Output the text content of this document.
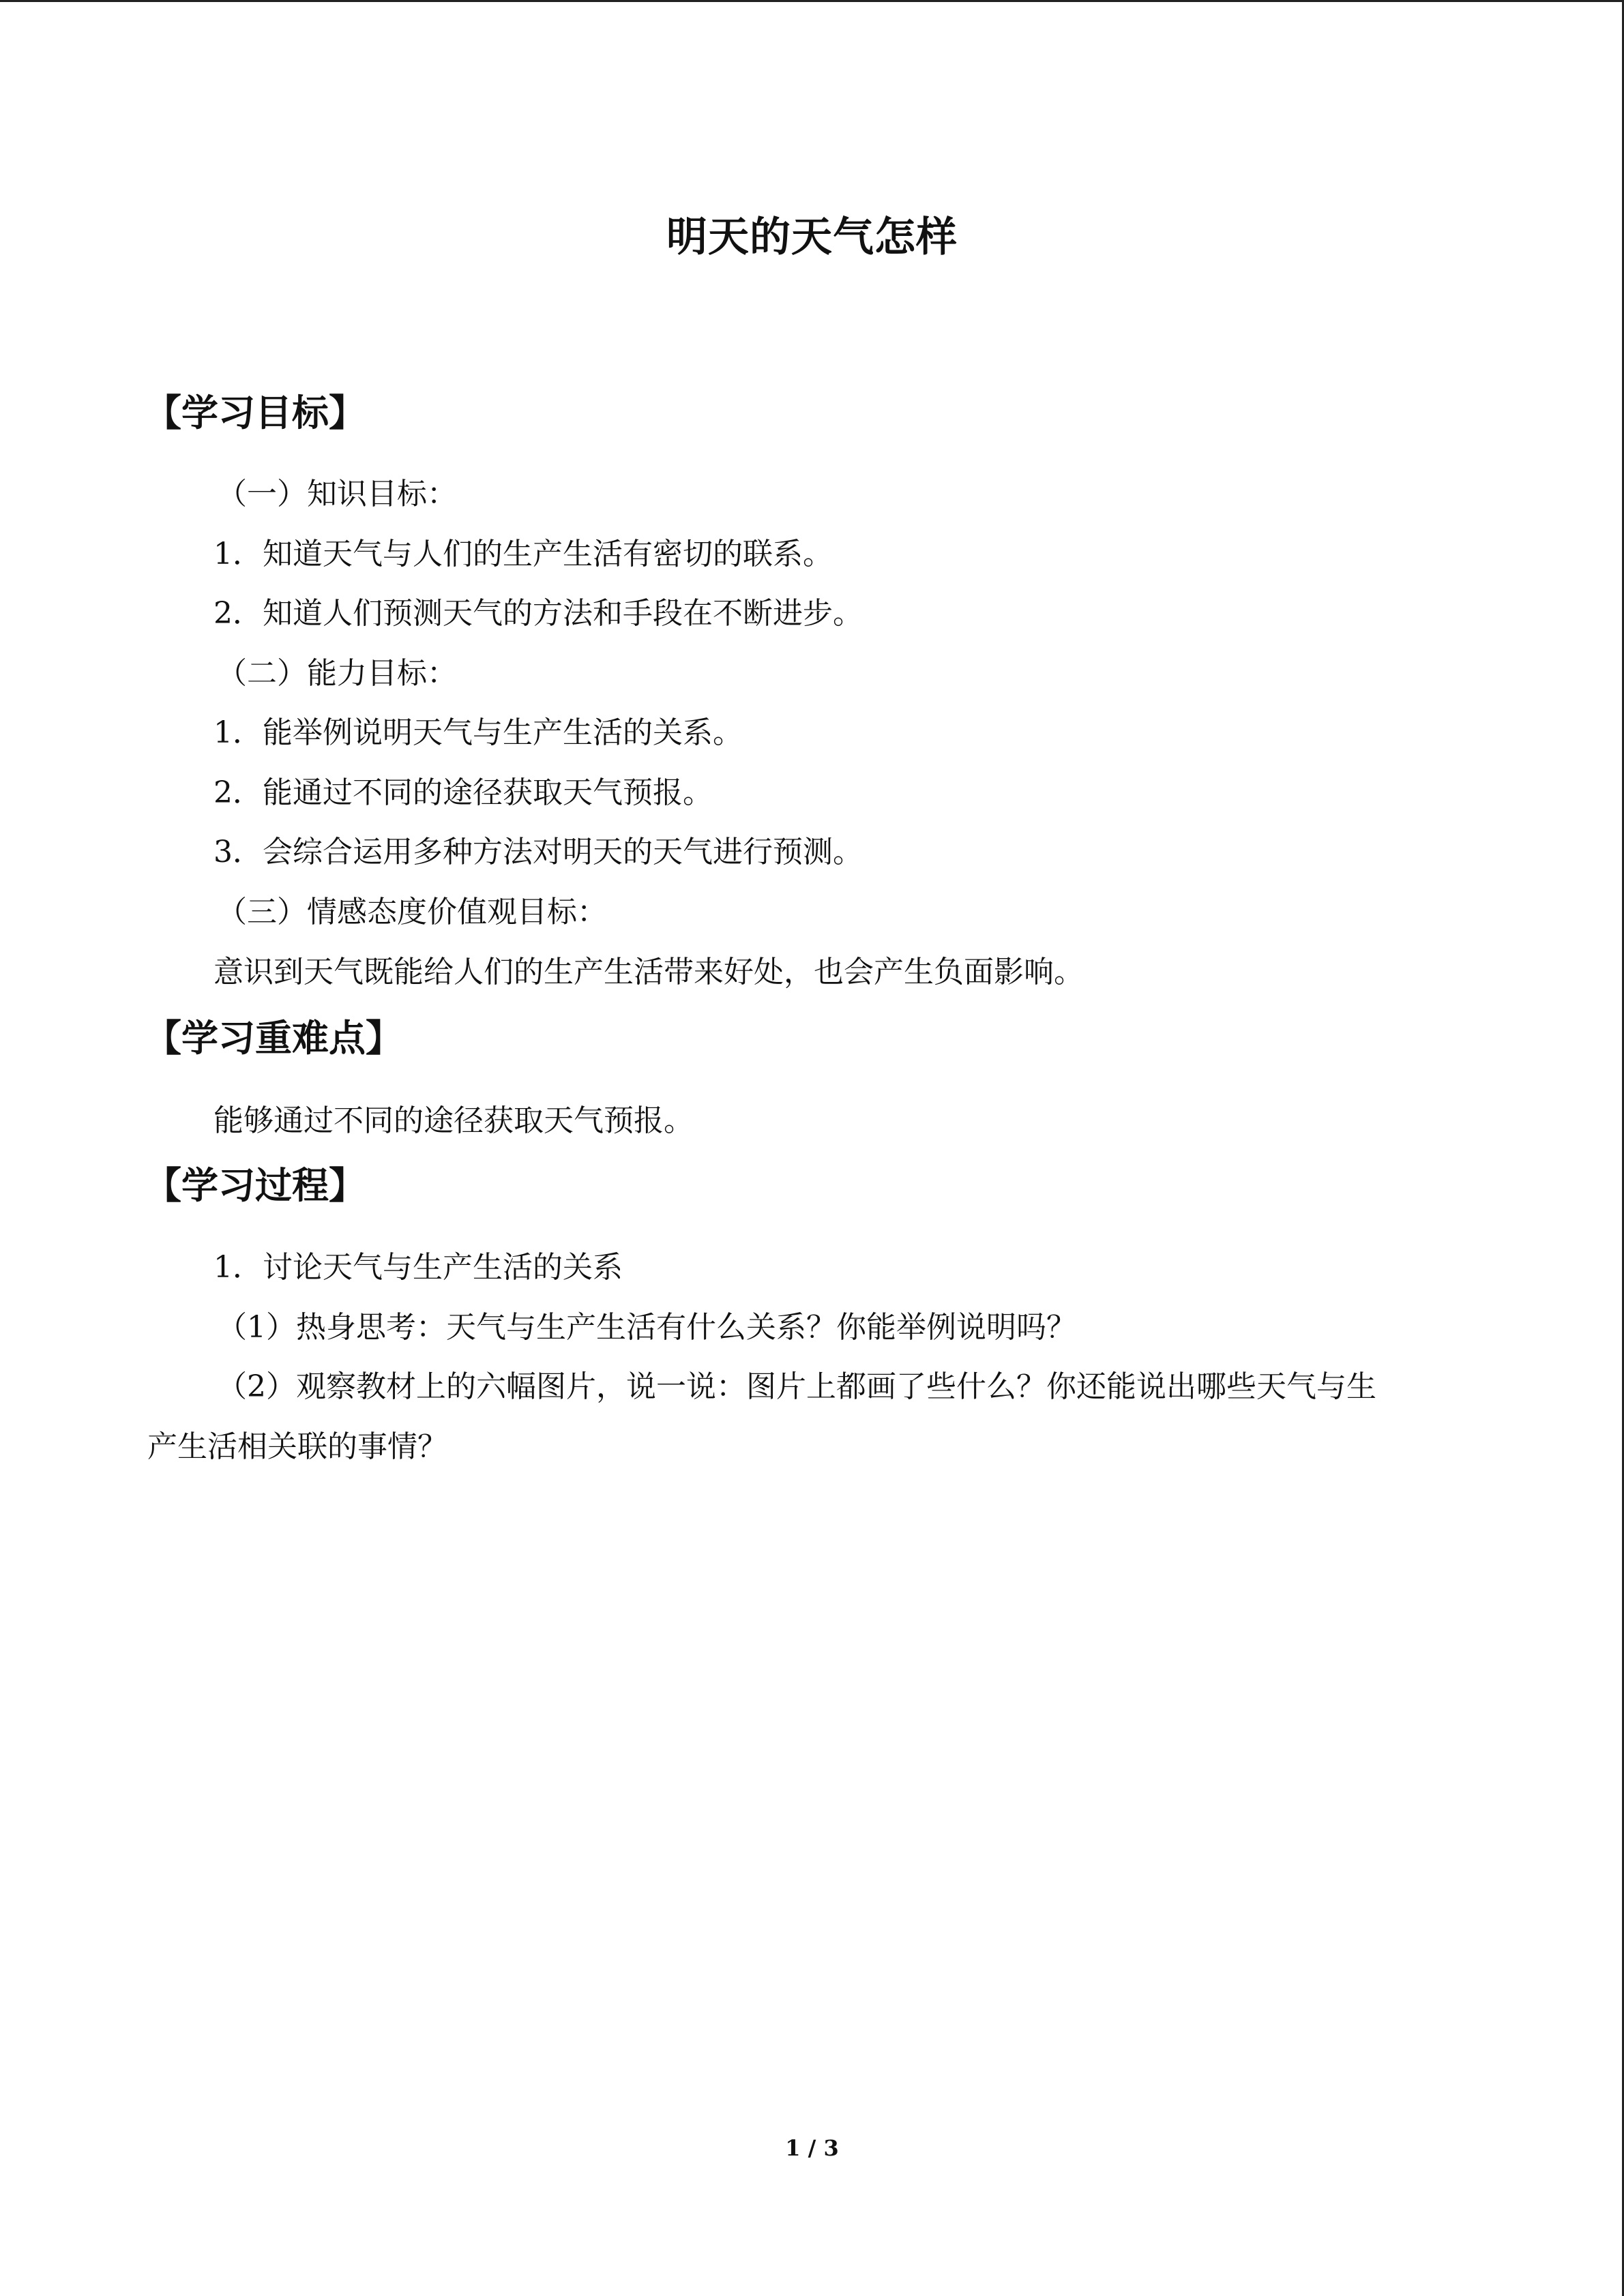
明天的天气怎样
【学习目标】
（一）知识目标：
1．知道天气与人们的生产生活有密切的联系。
2．知道人们预测天气的方法和手段在不断进步。
（二）能力目标：
1．能举例说明天气与生产生活的关系。
2．能通过不同的途径获取天气预报。
3．会综合运用多种方法对明天的天气进行预测。
（三）情感态度价值观目标：
意识到天气既能给人们的生产生活带来好处，也会产生负面影响。
【学习重难点】
能够通过不同的途径获取天气预报。
【学习过程】
1．讨论天气与生产生活的关系
（1）热身思考：天气与生产生活有什么关系？你能举例说明吗？
（2）观察教材上的六幅图片，说一说：图片上都画了些什么？你还能说出哪些天气与生
产生活相关联的事情？
1 / 3
